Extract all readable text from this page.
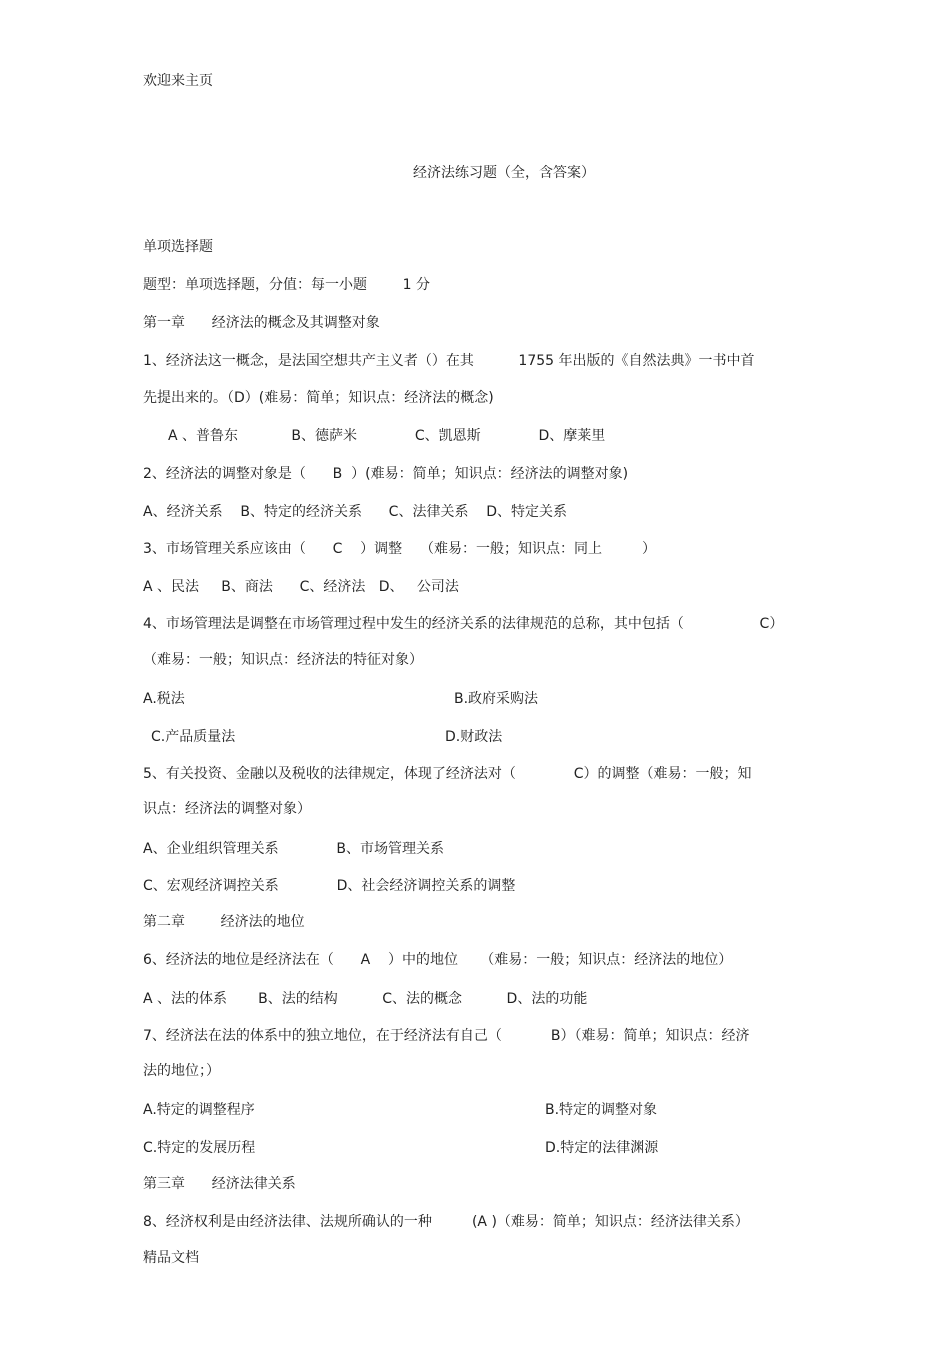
欢迎来主页
经济法练习题（全，含答案）
单项选择题
题型：单项选择题，分值：每一小题        1 分
第一章      经济法的概念及其调整对象
1、经济法这一概念，是法国空想共产主义者（）在其          1755 年出版的《自然法典》一书中首
先提出来的。（D）(难易：简单；知识点：经济法的概念)
A 、普鲁东            B、德萨米             C、凯恩斯             D、摩莱里
2、经济法的调整对象是（      B  ）(难易：简单；知识点：经济法的调整对象)
A、经济关系    B、特定的经济关系      C、法律关系    D、特定关系
3、市场管理关系应该由（      C    ）调整    （难易：一般；知识点：同上         ）
A 、民法     B、商法      C、经济法   D、   公司法
4、市场管理法是调整在市场管理过程中发生的经济关系的法律规范的总称，其中包括（                 C）
（难易：一般；知识点：经济法的特征对象）
A.税法	B.政府采购法
C.产品质量法	D.财政法
5、有关投资、金融以及税收的法律规定，体现了经济法对（             C）的调整（难易：一般；知
识点：经济法的调整对象）
A、企业组织管理关系             B、市场管理关系
C、宏观经济调控关系             D、社会经济调控关系的调整
第二章        经济法的地位
6、经济法的地位是经济法在（      A    ）中的地位     （难易：一般；知识点：经济法的地位）
A 、法的体系       B、法的结构          C、法的概念          D、法的功能
7、经济法在法的体系中的独立地位，在于经济法有自己（           B）（难易：简单；知识点：经济
法的地位；）
A.特定的调整程序	B.特定的调整对象
C.特定的发展历程	D.特定的法律渊源
第三章      经济法律关系
8、经济权利是由经济法律、法规所确认的一种         (A )（难易：简单；知识点：经济法律关系）
精品文档
